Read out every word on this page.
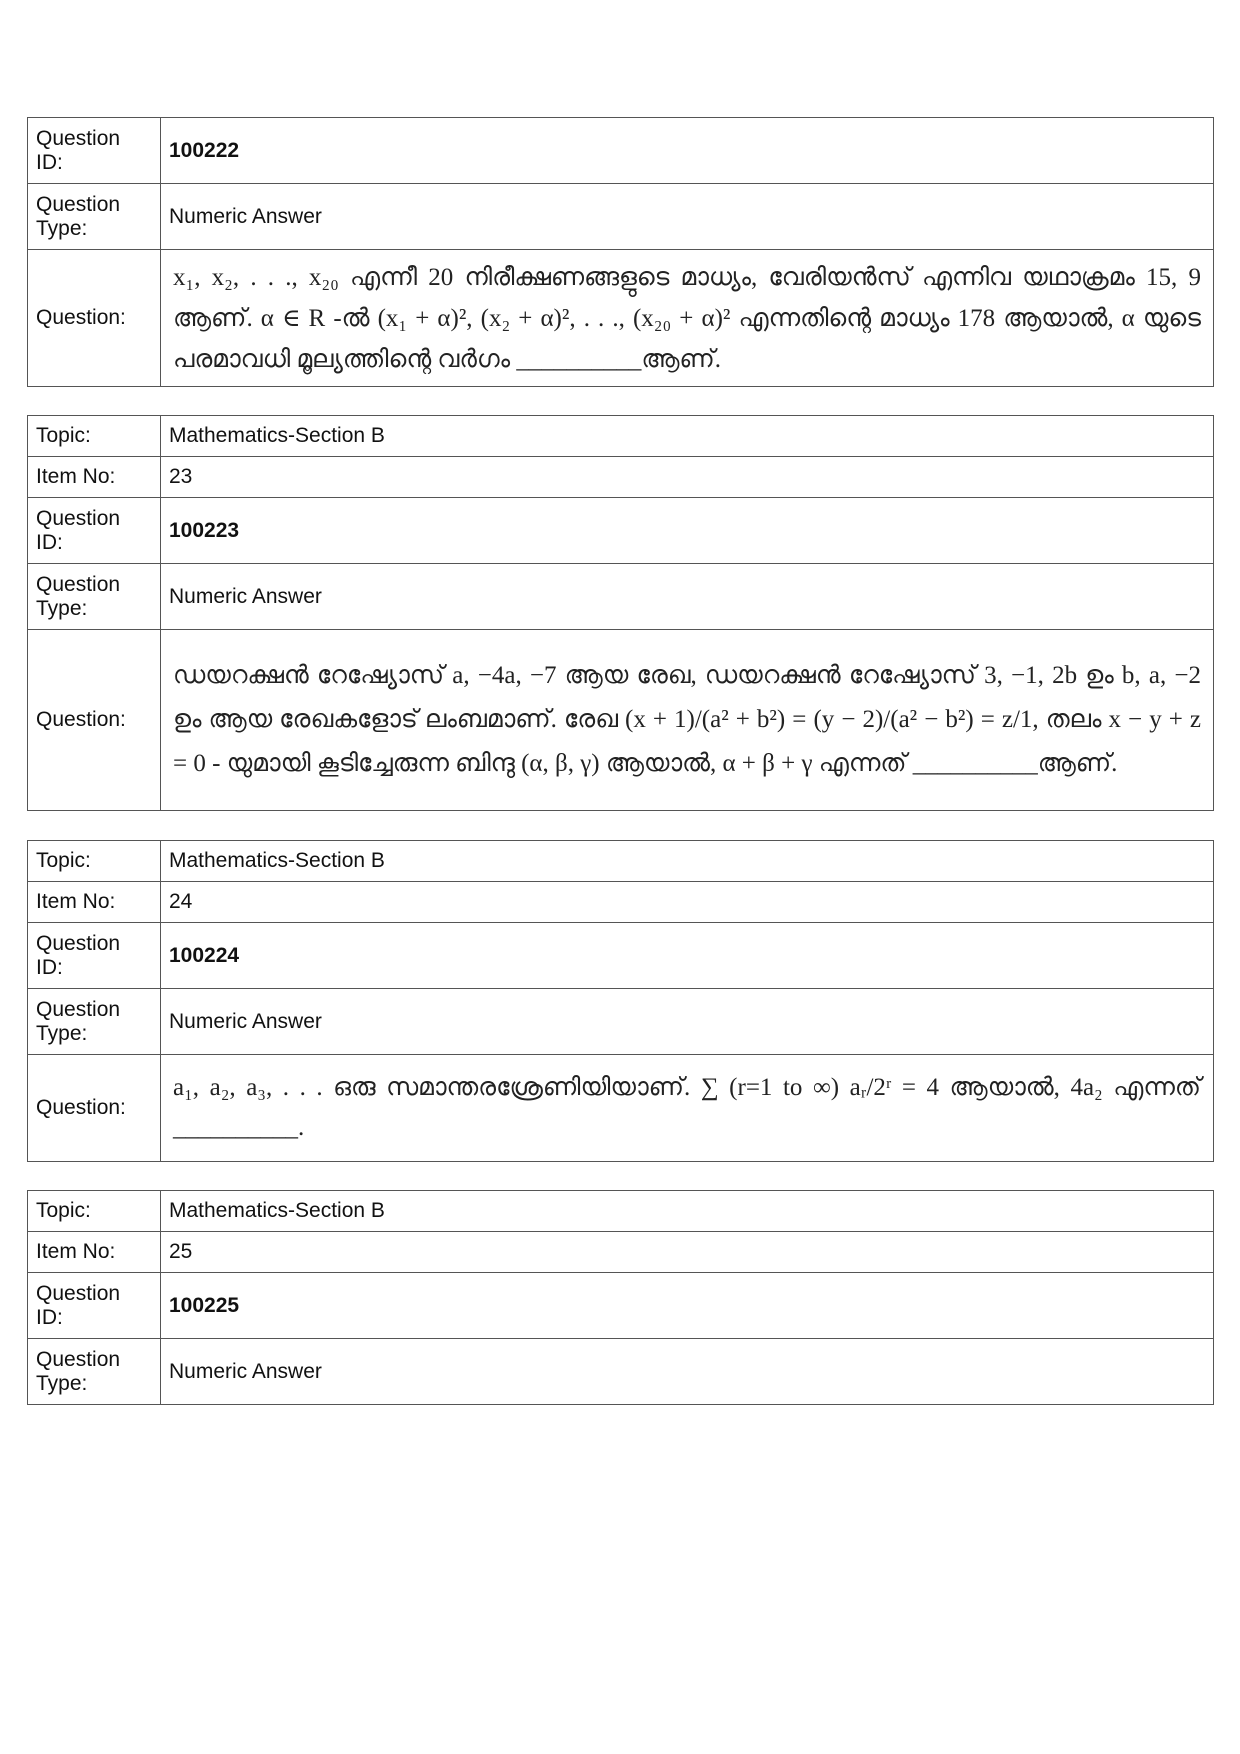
Question ID:	100222
Question Type:	Numeric Answer
Question:	x₁, x₂, . . ., x₂₀ എന്നീ 20 നിരീക്ഷണങ്ങളുടെ മാധ്യം, വേരിയൻസ് എന്നിവ യഥാക്രമം 15, 9 ആണ്. α ∈ R -ൽ (x₁ + α)², (x₂ + α)², . . ., (x₂₀ + α)² എന്നതിന്റെ മാധ്യം 178 ആയാൽ, α യുടെ പരമാവധി മൂല്യത്തിന്റെ വർഗം __________ആണ്.
Topic:	Mathematics-Section B
Item No:	23
Question ID:	100223
Question Type:	Numeric Answer
Question:	ഡയറക്ഷൻ റേഷ്യോസ് a, −4a, −7 ആയ രേഖ, ഡയറക്ഷൻ റേഷ്യോസ് 3, −1, 2b ഉം b, a, −2 ഉം ആയ രേഖകളോട് ലംബമാണ്. രേഖ (x + 1)/(a² + b²) = (y − 2)/(a² − b²) = z/1, തലം x − y + z = 0 - യുമായി കൂടിച്ചേരുന്ന ബിന്ദു (α, β, γ) ആയാൽ, α + β + γ എന്നത് __________ആണ്.
Topic:	Mathematics-Section B
Item No:	24
Question ID:	100224
Question Type:	Numeric Answer
Question:	a₁, a₂, a₃, . . . ഒരു സമാന്തരശ്രേണിയിയാണ്. ∑ (r=1 to ∞) aᵣ/2ʳ = 4 ആയാൽ, 4a₂ എന്നത് __________.
Topic:	Mathematics-Section B
Item No:	25
Question ID:	100225
Question Type:	Numeric Answer
